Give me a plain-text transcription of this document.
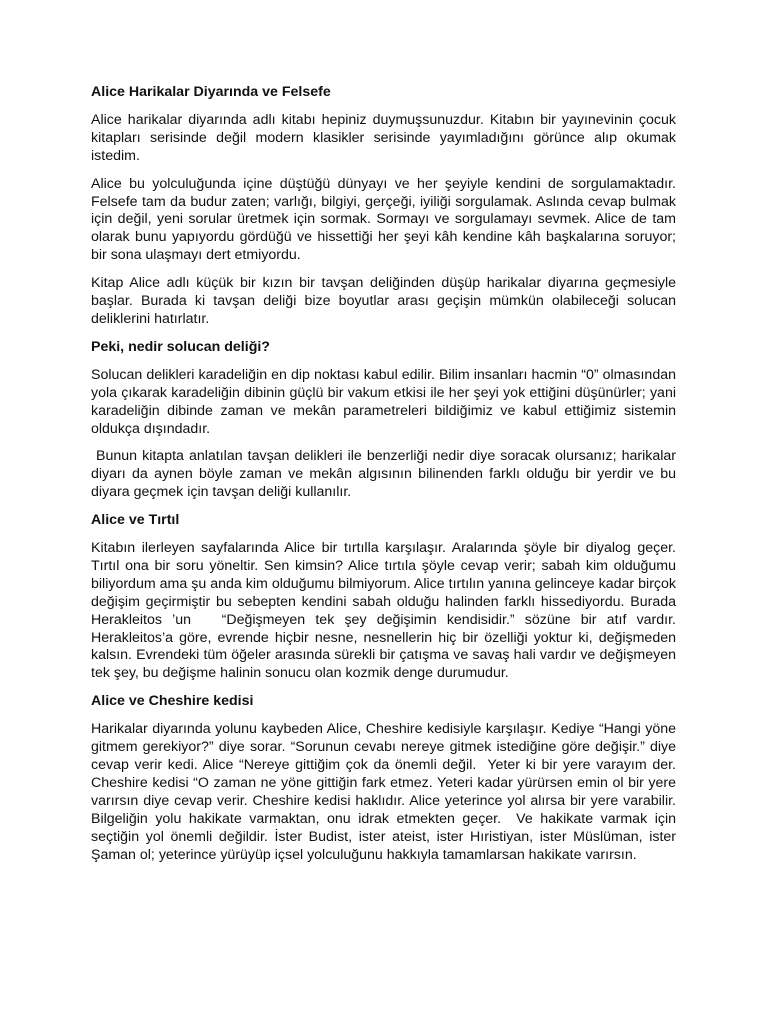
Alice Harikalar Diyarında ve Felsefe
Alice harikalar diyarında adlı kitabı hepiniz duymuşsunuzdur. Kitabın bir yayınevinin çocuk kitapları serisinde değil modern klasikler serisinde yayımladığını görünce alıp okumak istedim.
Alice bu yolculuğunda içine düştüğü dünyayı ve her şeyiyle kendini de sorgulamaktadır. Felsefe tam da budur zaten; varlığı, bilgiyi, gerçeği, iyiliği sorgulamak. Aslında cevap bulmak için değil, yeni sorular üretmek için sormak. Sormayı ve sorgulamayı sevmek. Alice de tam olarak bunu yapıyordu gördüğü ve hissettiği her şeyi kâh kendine kâh başkalarına soruyor; bir sona ulaşmayı dert etmiyordu.
Kitap Alice adlı küçük bir kızın bir tavşan deliğinden düşüp harikalar diyarına geçmesiyle başlar. Burada ki tavşan deliği bize boyutlar arası geçişin mümkün olabileceği solucan deliklerini hatırlatır.
Peki, nedir solucan deliği?
Solucan delikleri karadeliğin en dip noktası kabul edilir. Bilim insanları hacmin “0” olmasından yola çıkarak karadeliğin dibinin güçlü bir vakum etkisi ile her şeyi yok ettiğini düşünürler; yani karadeliğin dibinde zaman ve mekân parametreleri bildiğimiz ve kabul ettiğimiz sistemin oldukça dışındadır.
Bunun kitapta anlatılan tavşan delikleri ile benzerliği nedir diye soracak olursanız; harikalar diyarı da aynen böyle zaman ve mekân algısının bilinenden farklı olduğu bir yerdir ve bu diyara geçmek için tavşan deliği kullanılır.
Alice ve Tırtıl
Kitabın ilerleyen sayfalarında Alice bir tırtılla karşılaşır. Aralarında şöyle bir diyalog geçer. Tırtıl ona bir soru yöneltir. Sen kimsin? Alice tırtıla şöyle cevap verir; sabah kim olduğumu biliyordum ama şu anda kim olduğumu bilmiyorum. Alice tırtılın yanına gelinceye kadar birçok değişim geçirmiştir bu sebepten kendini sabah olduğu halinden farklı hissediyordu. Burada Herakleitos ’un   “Değişmeyen tek şey değişimin kendisidir.” sözüne bir atıf vardır. Herakleitos’a göre, evrende hiçbir nesne, nesnellerin hiç bir özelliği yoktur ki, değişmeden kalsın. Evrendeki tüm öğeler arasında sürekli bir çatışma ve savaş hali vardır ve değişmeyen tek şey, bu değişme halinin sonucu olan kozmik denge durumudur.
Alice ve Cheshire kedisi
Harikalar diyarında yolunu kaybeden Alice, Cheshire kedisiyle karşılaşır. Kediye “Hangi yöne gitmem gerekiyor?” diye sorar. “Sorunun cevabı nereye gitmek istediğine göre değişir.” diye cevap verir kedi. Alice “Nereye gittiğim çok da önemli değil.  Yeter ki bir yere varayım der. Cheshire kedisi “O zaman ne yöne gittiğin fark etmez. Yeteri kadar yürürsen emin ol bir yere varırsın diye cevap verir. Cheshire kedisi haklıdır. Alice yeterince yol alırsa bir yere varabilir. Bilgeliğin yolu hakikate varmaktan, onu idrak etmekten geçer.  Ve hakikate varmak için seçtiğin yol önemli değildir. İster Budist, ister ateist, ister Hıristiyan, ister Müslüman, ister Şaman ol; yeterince yürüyüp içsel yolculuğunu hakkıyla tamamlarsan hakikate varırsın.
